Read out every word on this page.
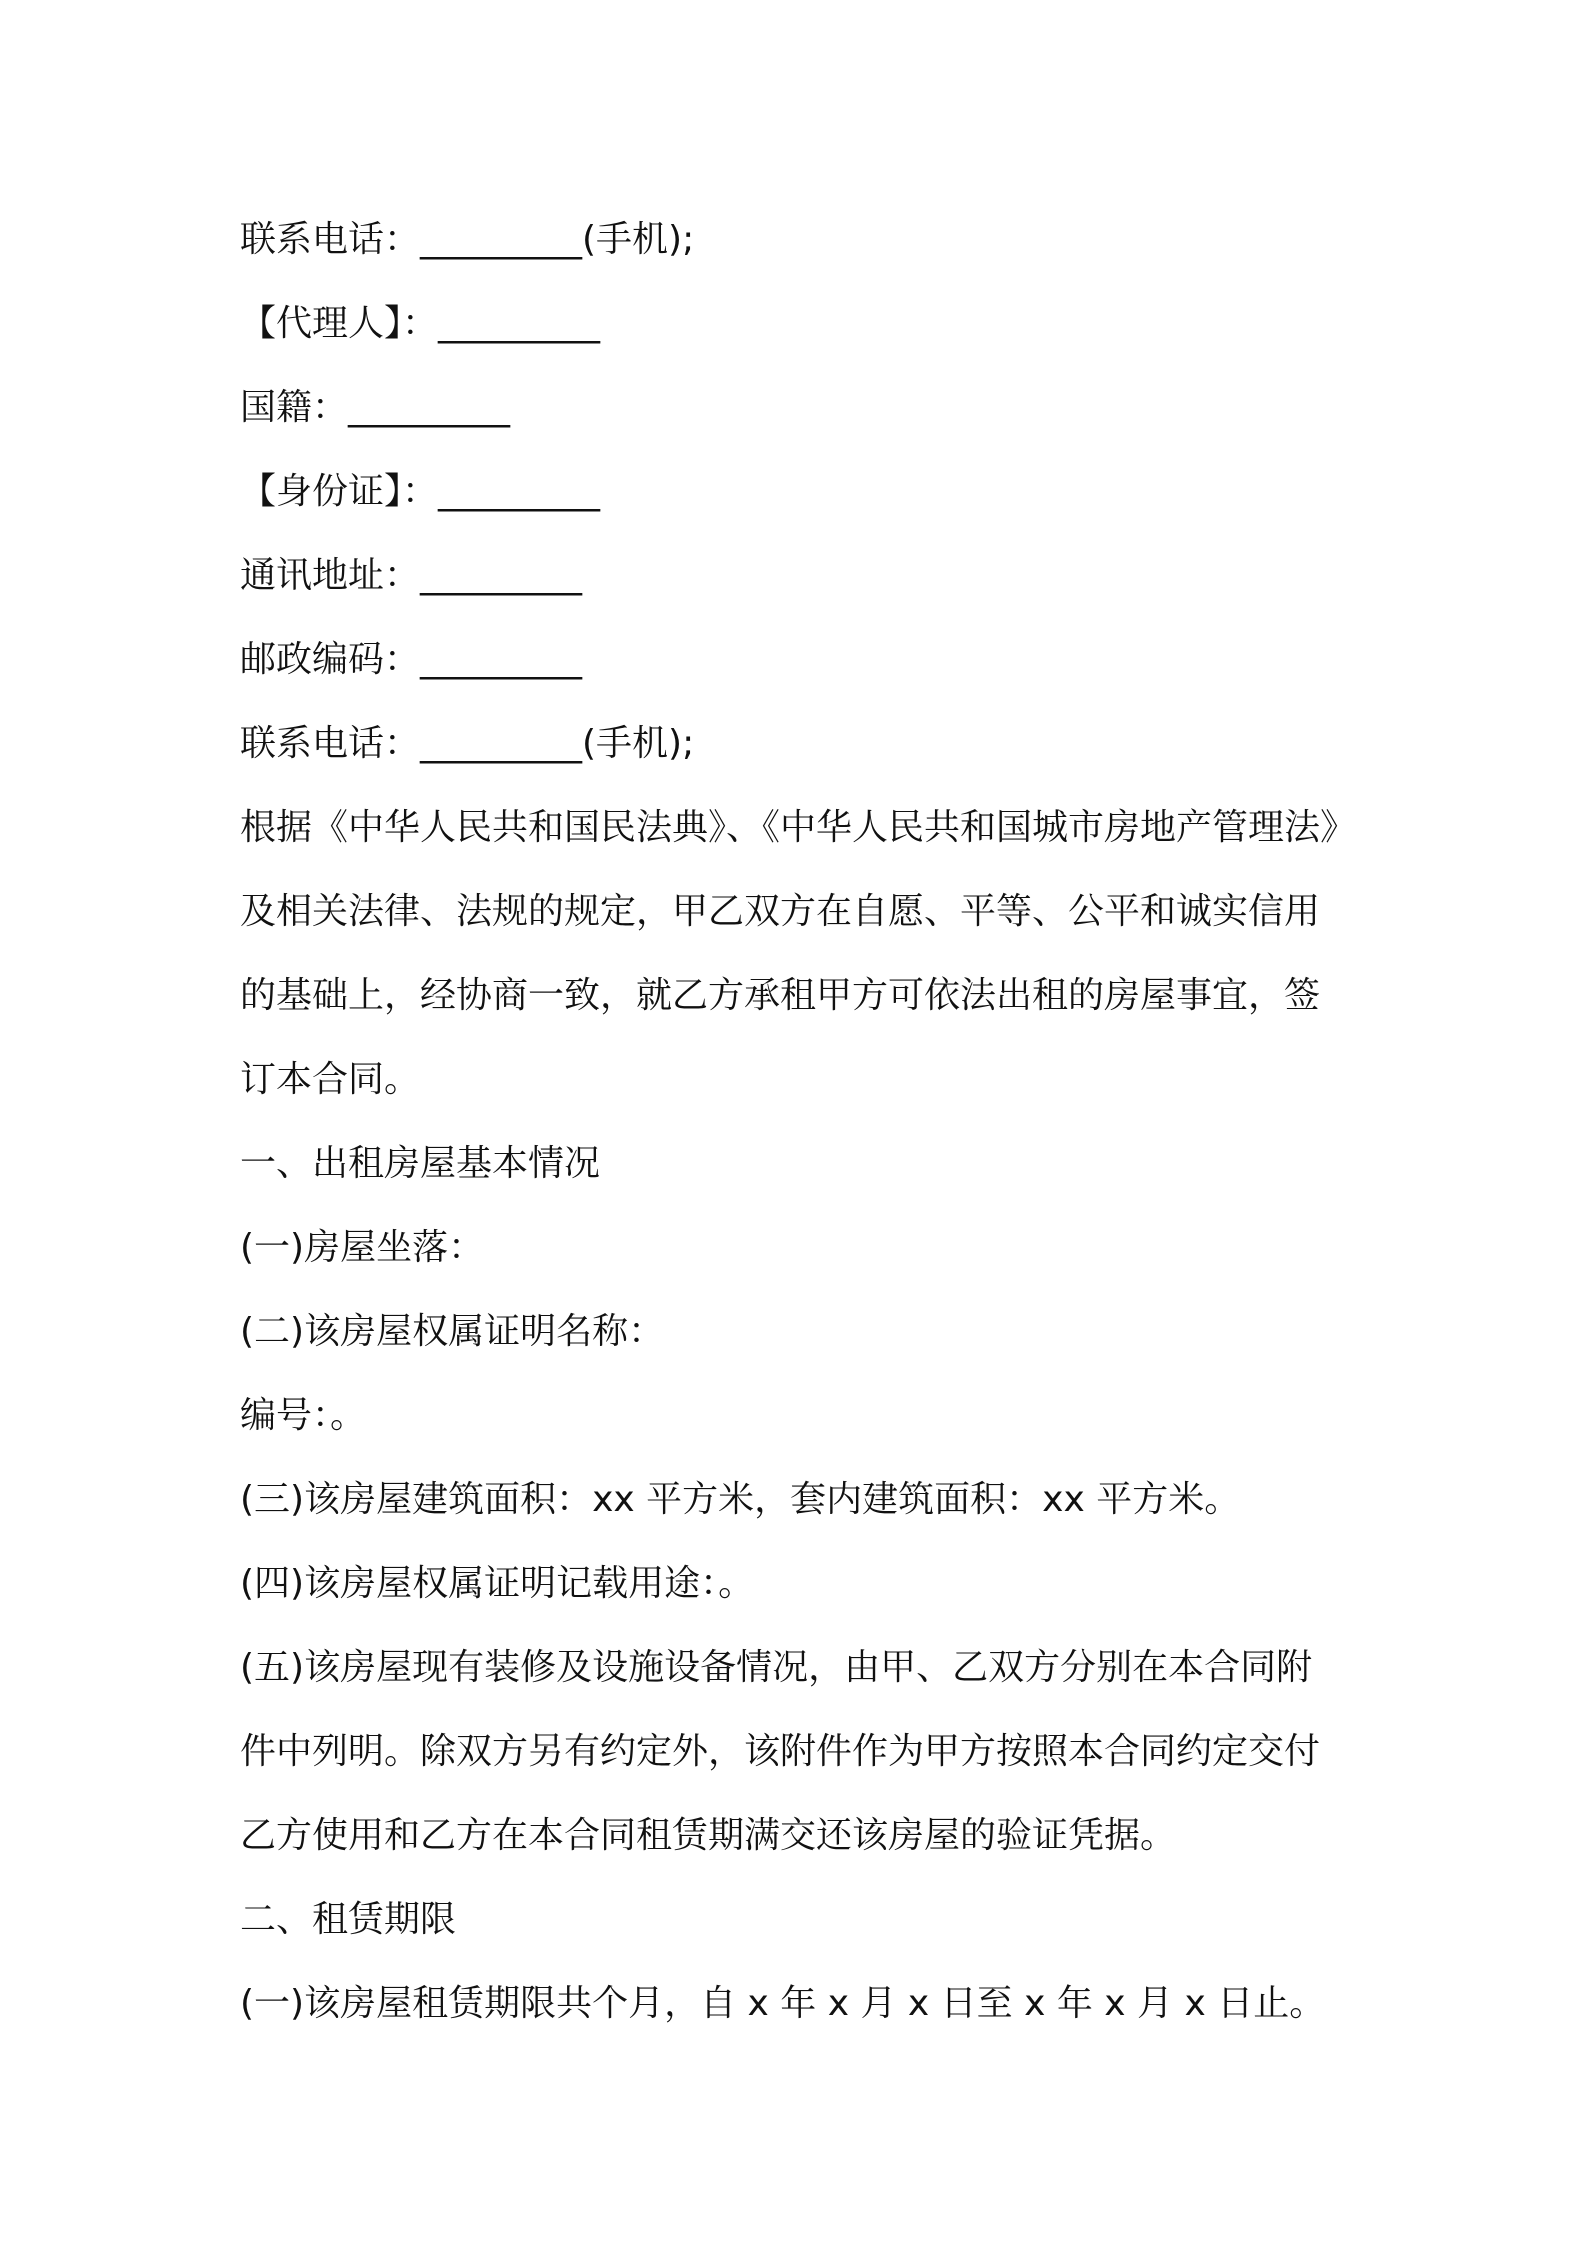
联系电话：_________(手机);

【代理人】：_________

国籍：_________

【身份证】：_________

通讯地址：_________

邮政编码：_________

联系电话：_________(手机);

根据《中华人民共和国民法典》、《中华人民共和国城市房地产管理法》
及相关法律、法规的规定，甲乙双方在自愿、平等、公平和诚实信用
的基础上，经协商一致，就乙方承租甲方可依法出租的房屋事宜，签
订本合同。

一、出租房屋基本情况

(一)房屋坐落：

(二)该房屋权属证明名称：

编号：。

(三)该房屋建筑面积：xx 平方米，套内建筑面积：xx 平方米。

(四)该房屋权属证明记载用途：。

(五)该房屋现有装修及设施设备情况，由甲、乙双方分别在本合同附
件中列明。除双方另有约定外，该附件作为甲方按照本合同约定交付
乙方使用和乙方在本合同租赁期满交还该房屋的验证凭据。

二、租赁期限

(一)该房屋租赁期限共个月，自 x 年 x 月 x 日至 x 年 x 月 x 日止。
